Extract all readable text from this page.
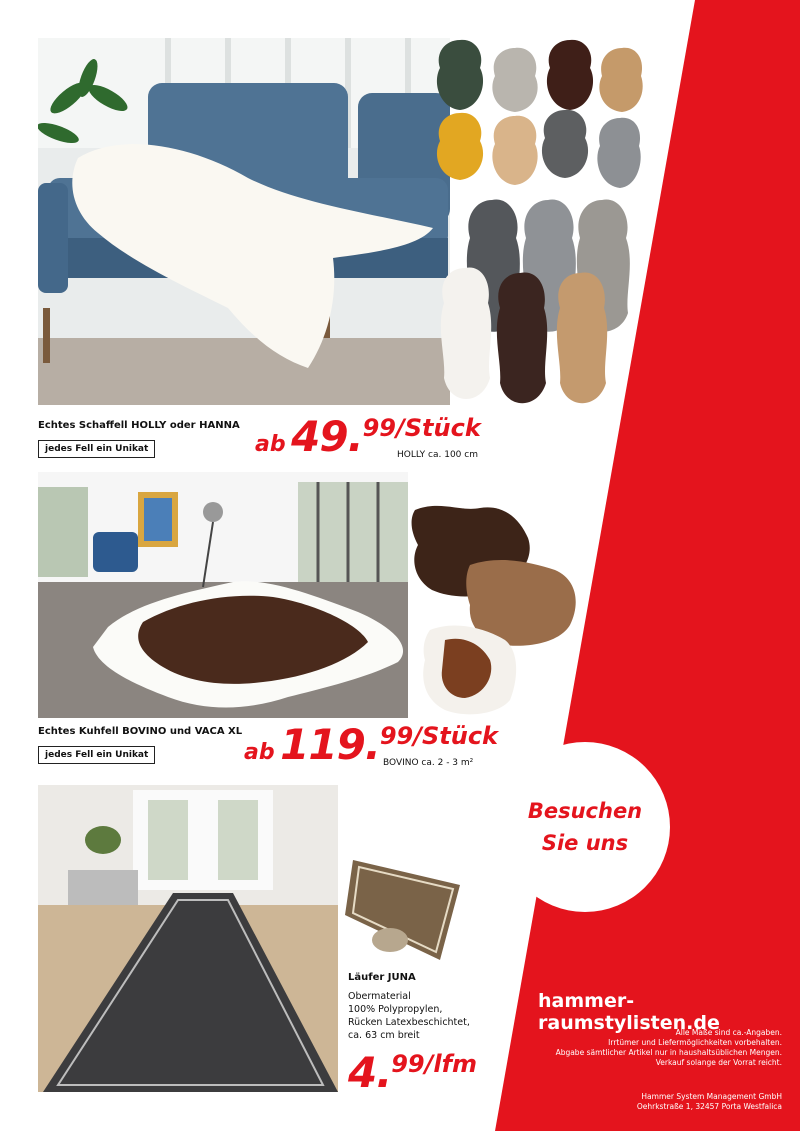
Echtes Schaffell HOLLY oder HANNA
jedes Fell ein Unikat	ab 49.99/Stück
HOLLY ca. 100 cm
Echtes Kuhfell BOVINO und VACA XL
jedes Fell ein Unikat	ab 119.99/Stück
BOVINO ca. 2 - 3 m²
Läufer JUNA
Obermaterial
100% Polypropylen,
Rücken Latexbeschichtet,
ca. 63 cm breit
4.99/lfm
Besuchen
Sie uns
hammer-raumstylisten.de
Alle Maße sind ca.-Angaben.
Irrtümer und Liefermöglichkeiten vorbehalten.
Abgabe sämtlicher Artikel nur in haushaltsüblichen Mengen.
Verkauf solange der Vorrat reicht.
Hammer System Management GmbH
Oehrkstraße 1, 32457 Porta Westfalica
